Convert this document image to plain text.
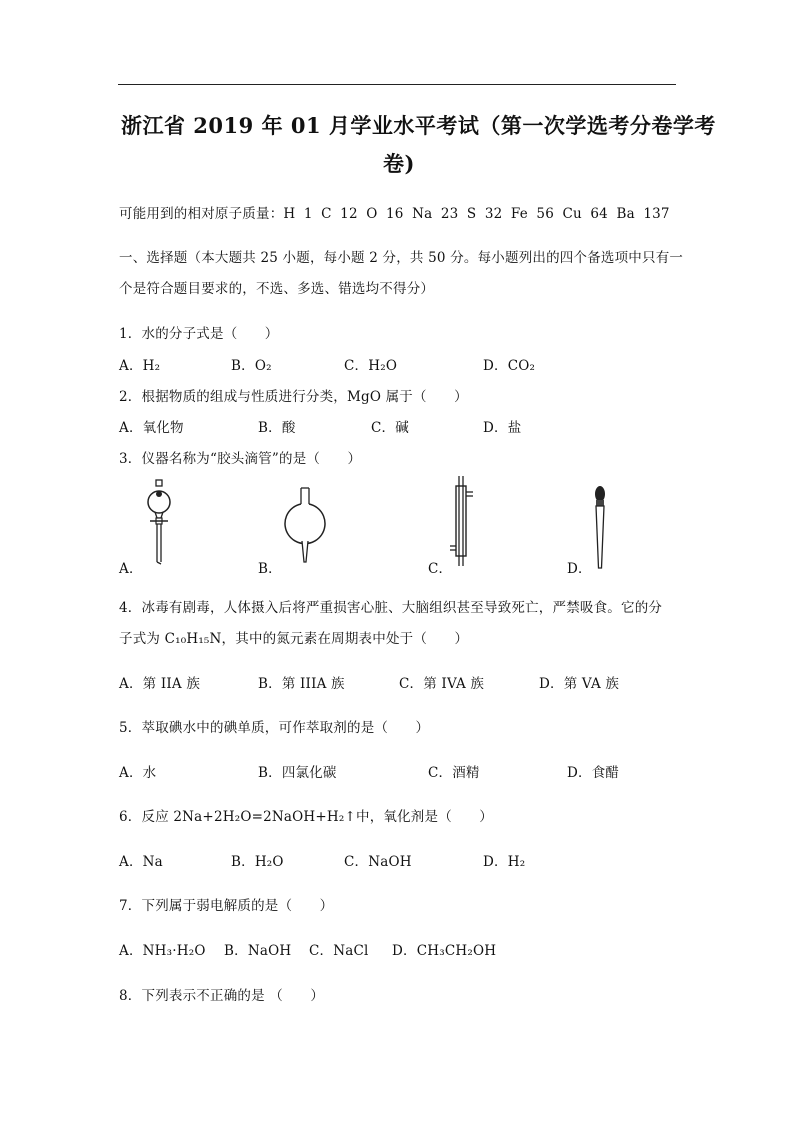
浙江省 2019 年 01 月学业水平考试（第一次学选考分卷学考
卷)
可能用到的相对原子质量：H 1 C 12 O 16 Na 23 S 32 Fe 56 Cu 64 Ba 137
一、选择题（本大题共 25 小题，每小题 2 分，共 50 分。每小题列出的四个备选项中只有一
个是符合题目要求的，不选、多选、错选均不得分）
1．水的分子式是（　　）
A．H₂	B．O₂	C．H₂O	D．CO₂
2．根据物质的组成与性质进行分类，MgO 属于（　　）
A．氧化物	B．酸	C．碱	D．盐
3．仪器名称为“胶头滴管”的是（　　）
A．	B．	C．	D．
4．冰毒有剧毒，人体摄入后将严重损害心脏、大脑组织甚至导致死亡，严禁吸食。它的分
子式为 C₁₀H₁₅N，其中的氮元素在周期表中处于（　　）
A．第 IIA 族	B．第 IIIA 族	C．第 IVA 族	D．第 VA 族
5．萃取碘水中的碘单质，可作萃取剂的是（　　）
A．水	B．四氯化碳	C．酒精	D．食醋
6．反应 2Na+2H₂O=2NaOH+H₂↑中，氧化剂是（　　）
A．Na	B．H₂O	C．NaOH	D．H₂
7．下列属于弱电解质的是（　　）
A．NH₃·H₂O B．NaOH C．NaCl D．CH₃CH₂OH
8．下列表示不正确的是 （　　）
